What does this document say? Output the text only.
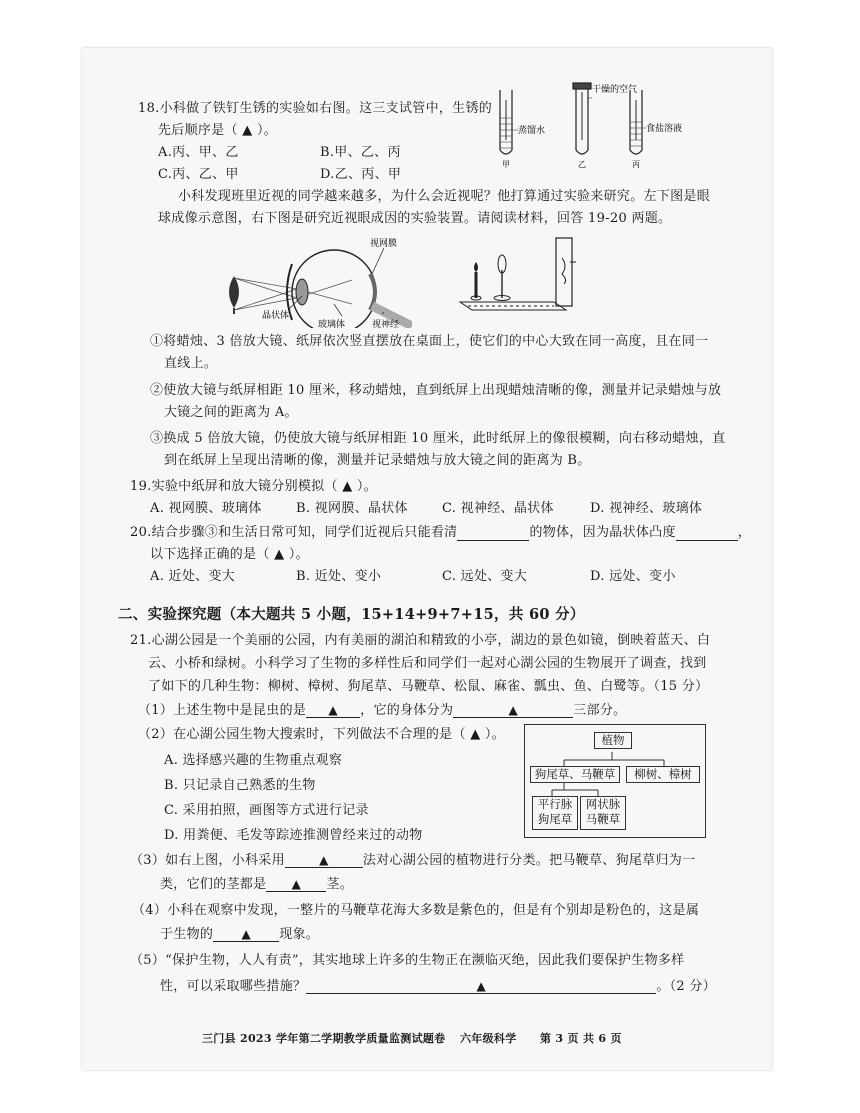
18.小科做了铁钉生锈的实验如右图。这三支试管中，生锈的
先后顺序是（ ▲ ）。
A.丙、甲、乙	B.甲、乙、丙
C.丙、乙、甲	D.乙、丙、甲
蒸馏水
干燥的空气
食盐溶液
甲	乙	丙
小科发现班里近视的同学越来越多，为什么会近视呢？他打算通过实验来研究。左下图是眼
球成像示意图，右下图是研究近视眼成因的实验装置。请阅读材料，回答 19-20 两题。
视网膜
晶状体
玻璃体	视神经
①将蜡烛、3 倍放大镜、纸屏依次竖直摆放在桌面上，使它们的中心大致在同一高度，且在同一
直线上。
②使放大镜与纸屏相距 10 厘米，移动蜡烛，直到纸屏上出现蜡烛清晰的像，测量并记录蜡烛与放
大镜之间的距离为 A。
③换成 5 倍放大镜，仍使放大镜与纸屏相距 10 厘米，此时纸屏上的像很模糊，向右移动蜡烛，直
到在纸屏上呈现出清晰的像，测量并记录蜡烛与放大镜之间的距离为 B。
19.实验中纸屏和放大镜分别模拟（ ▲ ）。
A. 视网膜、玻璃体	B. 视网膜、晶状体	C. 视神经、晶状体	D. 视神经、玻璃体
20.结合步骤③和生活日常可知，同学们近视后只能看清	的物体，因为晶状体凸度	，
以下选择正确的是（ ▲ ）。
A. 近处、变大	B. 近处、变小	C. 远处、变大	D. 远处、变小
二、实验探究题（本大题共 5 小题，15+14+9+7+15，共 60 分）
21.心湖公园是一个美丽的公园，内有美丽的湖泊和精致的小亭，湖边的景色如镜，倒映着蓝天、白
云、小桥和绿树。小科学习了生物的多样性后和同学们一起对心湖公园的生物展开了调查，找到
了如下的几种生物：柳树、樟树、狗尾草、马鞭草、松鼠、麻雀、瓢虫、鱼、白鹭等。（15 分）
（1）上述生物中是昆虫的是 ▲ ，它的身体分为	▲	三部分。
（2）在心湖公园生物大搜索时，下列做法不合理的是（ ▲ ）。
A. 选择感兴趣的生物重点观察
B. 只记录自己熟悉的生物
C. 采用拍照，画图等方式进行记录
D. 用粪便、毛发等踪迹推测曾经来过的动物
植物
狗尾草、马鞭草	柳树、樟树
平行脉
狗尾草
网状脉
马鞭草
（3）如右上图，小科采用	▲	法对心湖公园的植物进行分类。把马鞭草、狗尾草归为一
类，它们的茎都是 ▲ 茎。
（4）小科在观察中发现，一整片的马鞭草花海大多数是紫色的，但是有个别却是粉色的，这是属
于生物的 ▲ 现象。
（5）“保护生物，人人有责”，其实地球上许多的生物正在濒临灭绝，因此我们要保护生物多样
性，可以采取哪些措施？	▲	。（2 分）
三门县 2023 学年第二学期教学质量监测试题卷 六年级科学 第 3 页 共 6 页
